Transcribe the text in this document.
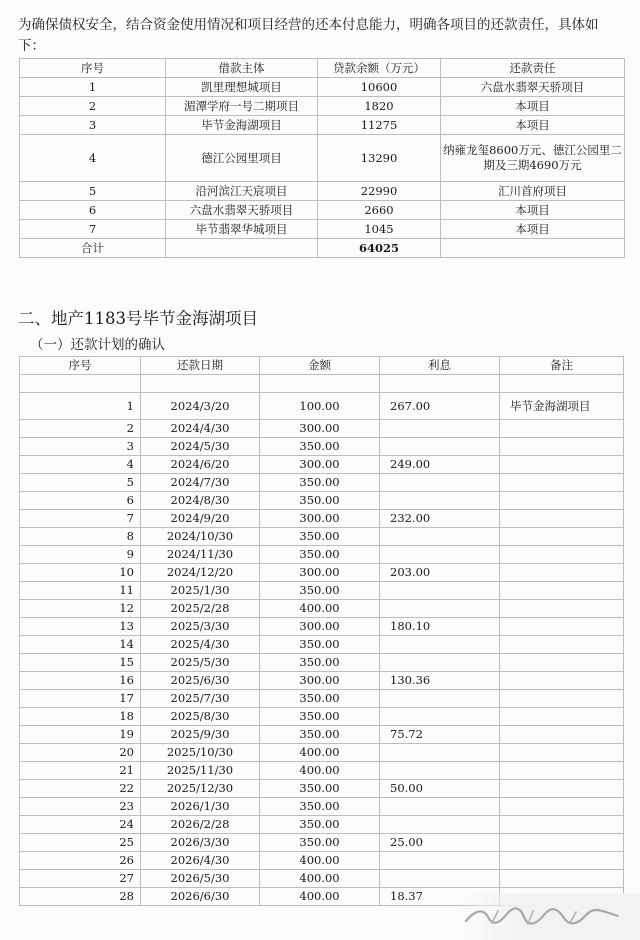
为确保债权安全，结合资金使用情况和项目经营的还本付息能力，明确各项目的还款责任，具体如下：
序号	借款主体	贷款余额（万元）	还款责任
1	凯里理想城项目	10600	六盘水翡翠天骄项目
2	湄潭学府一号二期项目	1820	本项目
3	毕节金海湖项目	11275	本项目
4	德江公园里项目	13290	纳雍龙玺8600万元、德江公园里二期及三期4690万元
5	沿河滨江天宸项目	22990	汇川首府项目
6	六盘水翡翠天骄项目	2660	本项目
7	毕节翡翠华城项目	1045	本项目
合计		64025	
二、地产1183号毕节金海湖项目
（一）还款计划的确认
序号	还款日期	金额	利息	备注

1	2024/3/20	100.00	267.00	毕节金海湖项目
2	2024/4/30	300.00		
3	2024/5/30	350.00		
4	2024/6/20	300.00	249.00	
5	2024/7/30	350.00		
6	2024/8/30	350.00		
7	2024/9/20	300.00	232.00	
8	2024/10/30	350.00		
9	2024/11/30	350.00		
10	2024/12/20	300.00	203.00	
11	2025/1/30	350.00		
12	2025/2/28	400.00		
13	2025/3/30	300.00	180.10	
14	2025/4/30	350.00		
15	2025/5/30	350.00		
16	2025/6/30	300.00	130.36	
17	2025/7/30	350.00		
18	2025/8/30	350.00		
19	2025/9/30	350.00	75.72	
20	2025/10/30	400.00		
21	2025/11/30	400.00		
22	2025/12/30	350.00	50.00	
23	2026/1/30	350.00		
24	2026/2/28	350.00		
25	2026/3/30	350.00	25.00	
26	2026/4/30	400.00		
27	2026/5/30	400.00		
28	2026/6/30	400.00	18.37	
